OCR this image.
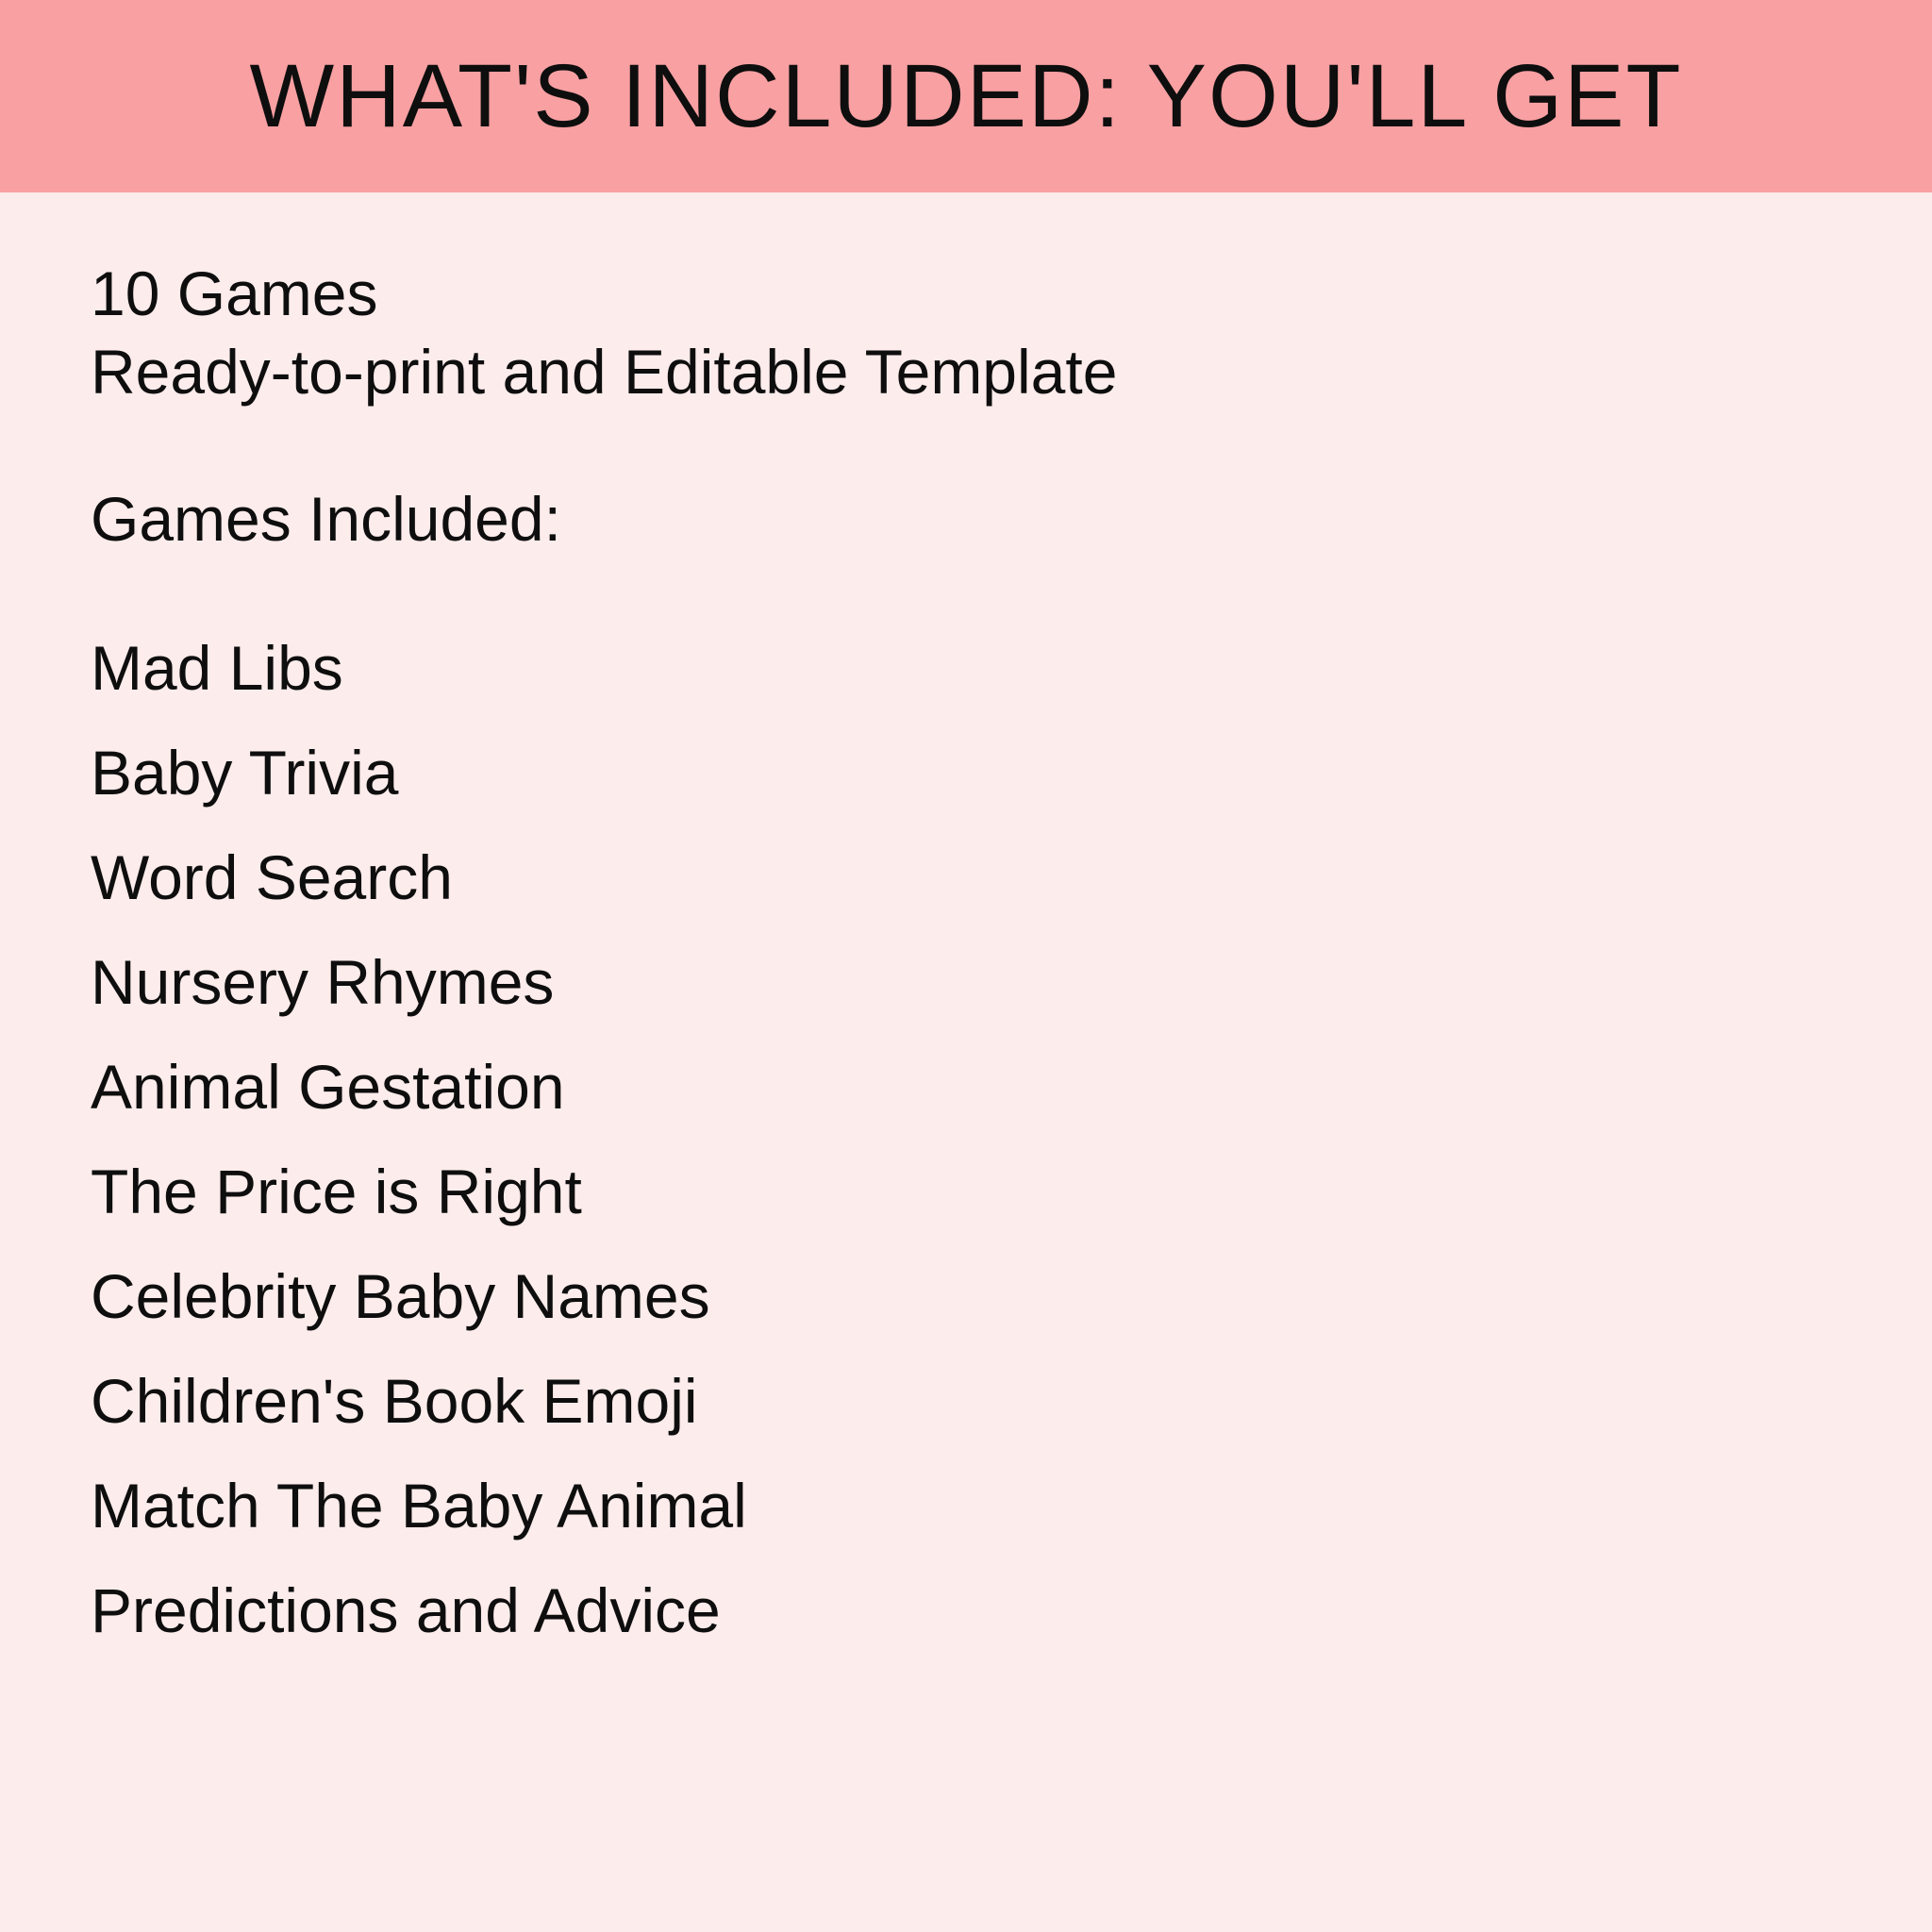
WHAT'S INCLUDED: YOU'LL GET

10 Games

Ready-to-print and Editable Template

Games Included:

Mad Libs
Baby Trivia
Word Search
Nursery Rhymes
Animal Gestation
The Price is Right
Celebrity Baby Names
Children's Book Emoji
Match The Baby Animal
Predictions and Advice
